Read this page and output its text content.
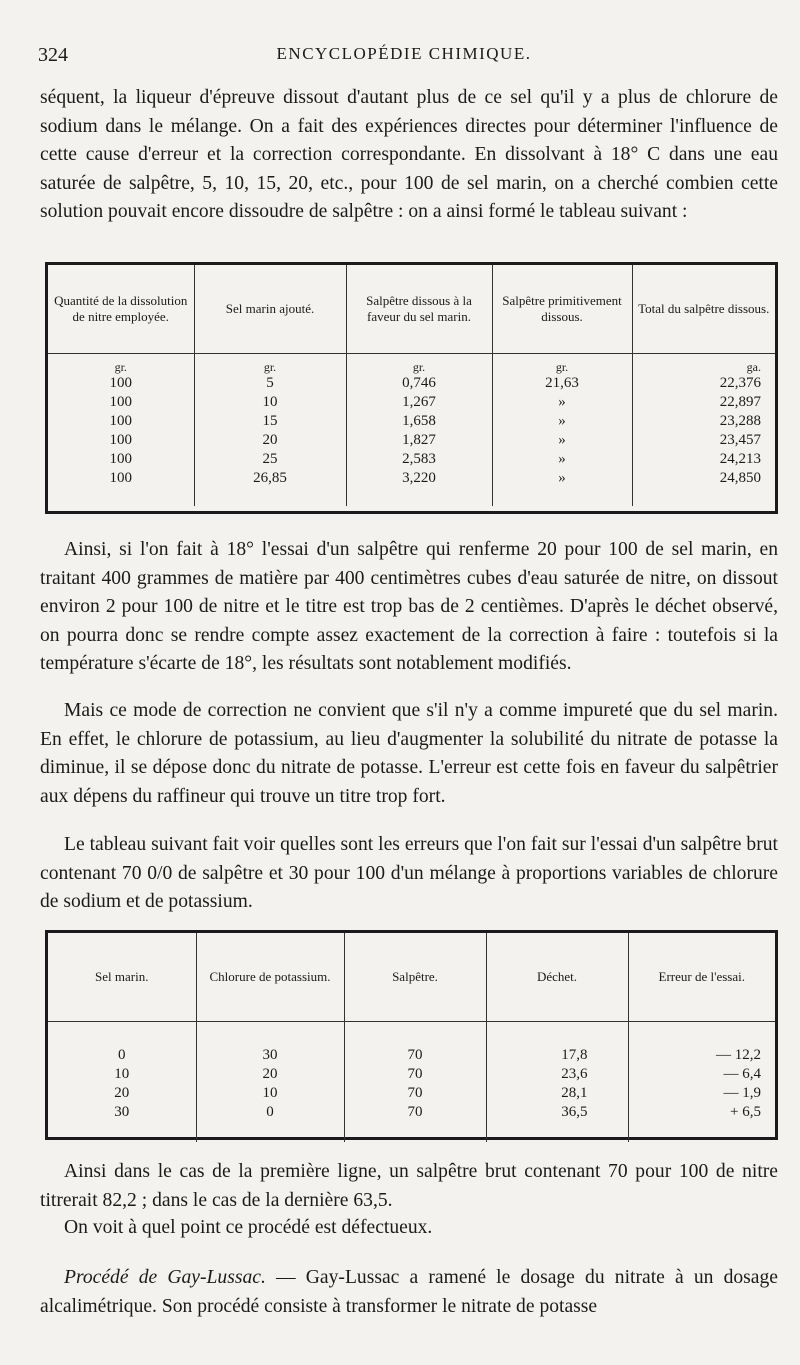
324	ENCYCLOPÉDIE CHIMIQUE.

séquent, la liqueur d'épreuve dissout d'autant plus de ce sel qu'il y a plus de chlorure de sodium dans le mélange. On a fait des expériences directes pour déterminer l'influence de cette cause d'erreur et la correction correspondante. En dissolvant à 18° C dans une eau saturée de salpêtre, 5, 10, 15, 20, etc., pour 100 de sel marin, on a cherché combien cette solution pouvait encore dissoudre de salpêtre : on a ainsi formé le tableau suivant :

Quantité de la dissolution de nitre employée.	Sel marin ajouté.	Salpêtre dissous à la faveur du sel marin.	Salpêtre primitivement dissous.	Total du salpêtre dissous.
gr.	gr.	gr.	gr.	ga.
100	5	0,746	21,63	22,376
100	10	1,267	»	22,897
100	15	1,658	»	23,288
100	20	1,827	»	23,457
100	25	2,583	»	24,213
100	26,85	3,220	»	24,850

Ainsi, si l'on fait à 18° l'essai d'un salpêtre qui renferme 20 pour 100 de sel marin, en traitant 400 grammes de matière par 400 centimètres cubes d'eau saturée de nitre, on dissout environ 2 pour 100 de nitre et le titre est trop bas de 2 centièmes. D'après le déchet observé, on pourra donc se rendre compte assez exactement de la correction à faire : toutefois si la température s'écarte de 18°, les résultats sont notablement modifiés.

Mais ce mode de correction ne convient que s'il n'y a comme impureté que du sel marin. En effet, le chlorure de potassium, au lieu d'augmenter la solubilité du nitrate de potasse la diminue, il se dépose donc du nitrate de potasse. L'erreur est cette fois en faveur du salpêtrier aux dépens du raffineur qui trouve un titre trop fort.

Le tableau suivant fait voir quelles sont les erreurs que l'on fait sur l'essai d'un salpêtre brut contenant 70 0/0 de salpêtre et 30 pour 100 d'un mélange à proportions variables de chlorure de sodium et de potassium.

Sel marin.	Chlorure de potassium.	Salpêtre.	Déchet.	Erreur de l'essai.

0	30	70	17,8	— 12,2
10	20	70	23,6	— 6,4
20	10	70	28,1	— 1,9
30	0	70	36,5	+ 6,5

Ainsi dans le cas de la première ligne, un salpêtre brut contenant 70 pour 100 de nitre titrerait 82,2 ; dans le cas de la dernière 63,5.

On voit à quel point ce procédé est défectueux.

Procédé de Gay-Lussac. — Gay-Lussac a ramené le dosage du nitrate à un dosage alcalimétrique. Son procédé consiste à transformer le nitrate de potasse
